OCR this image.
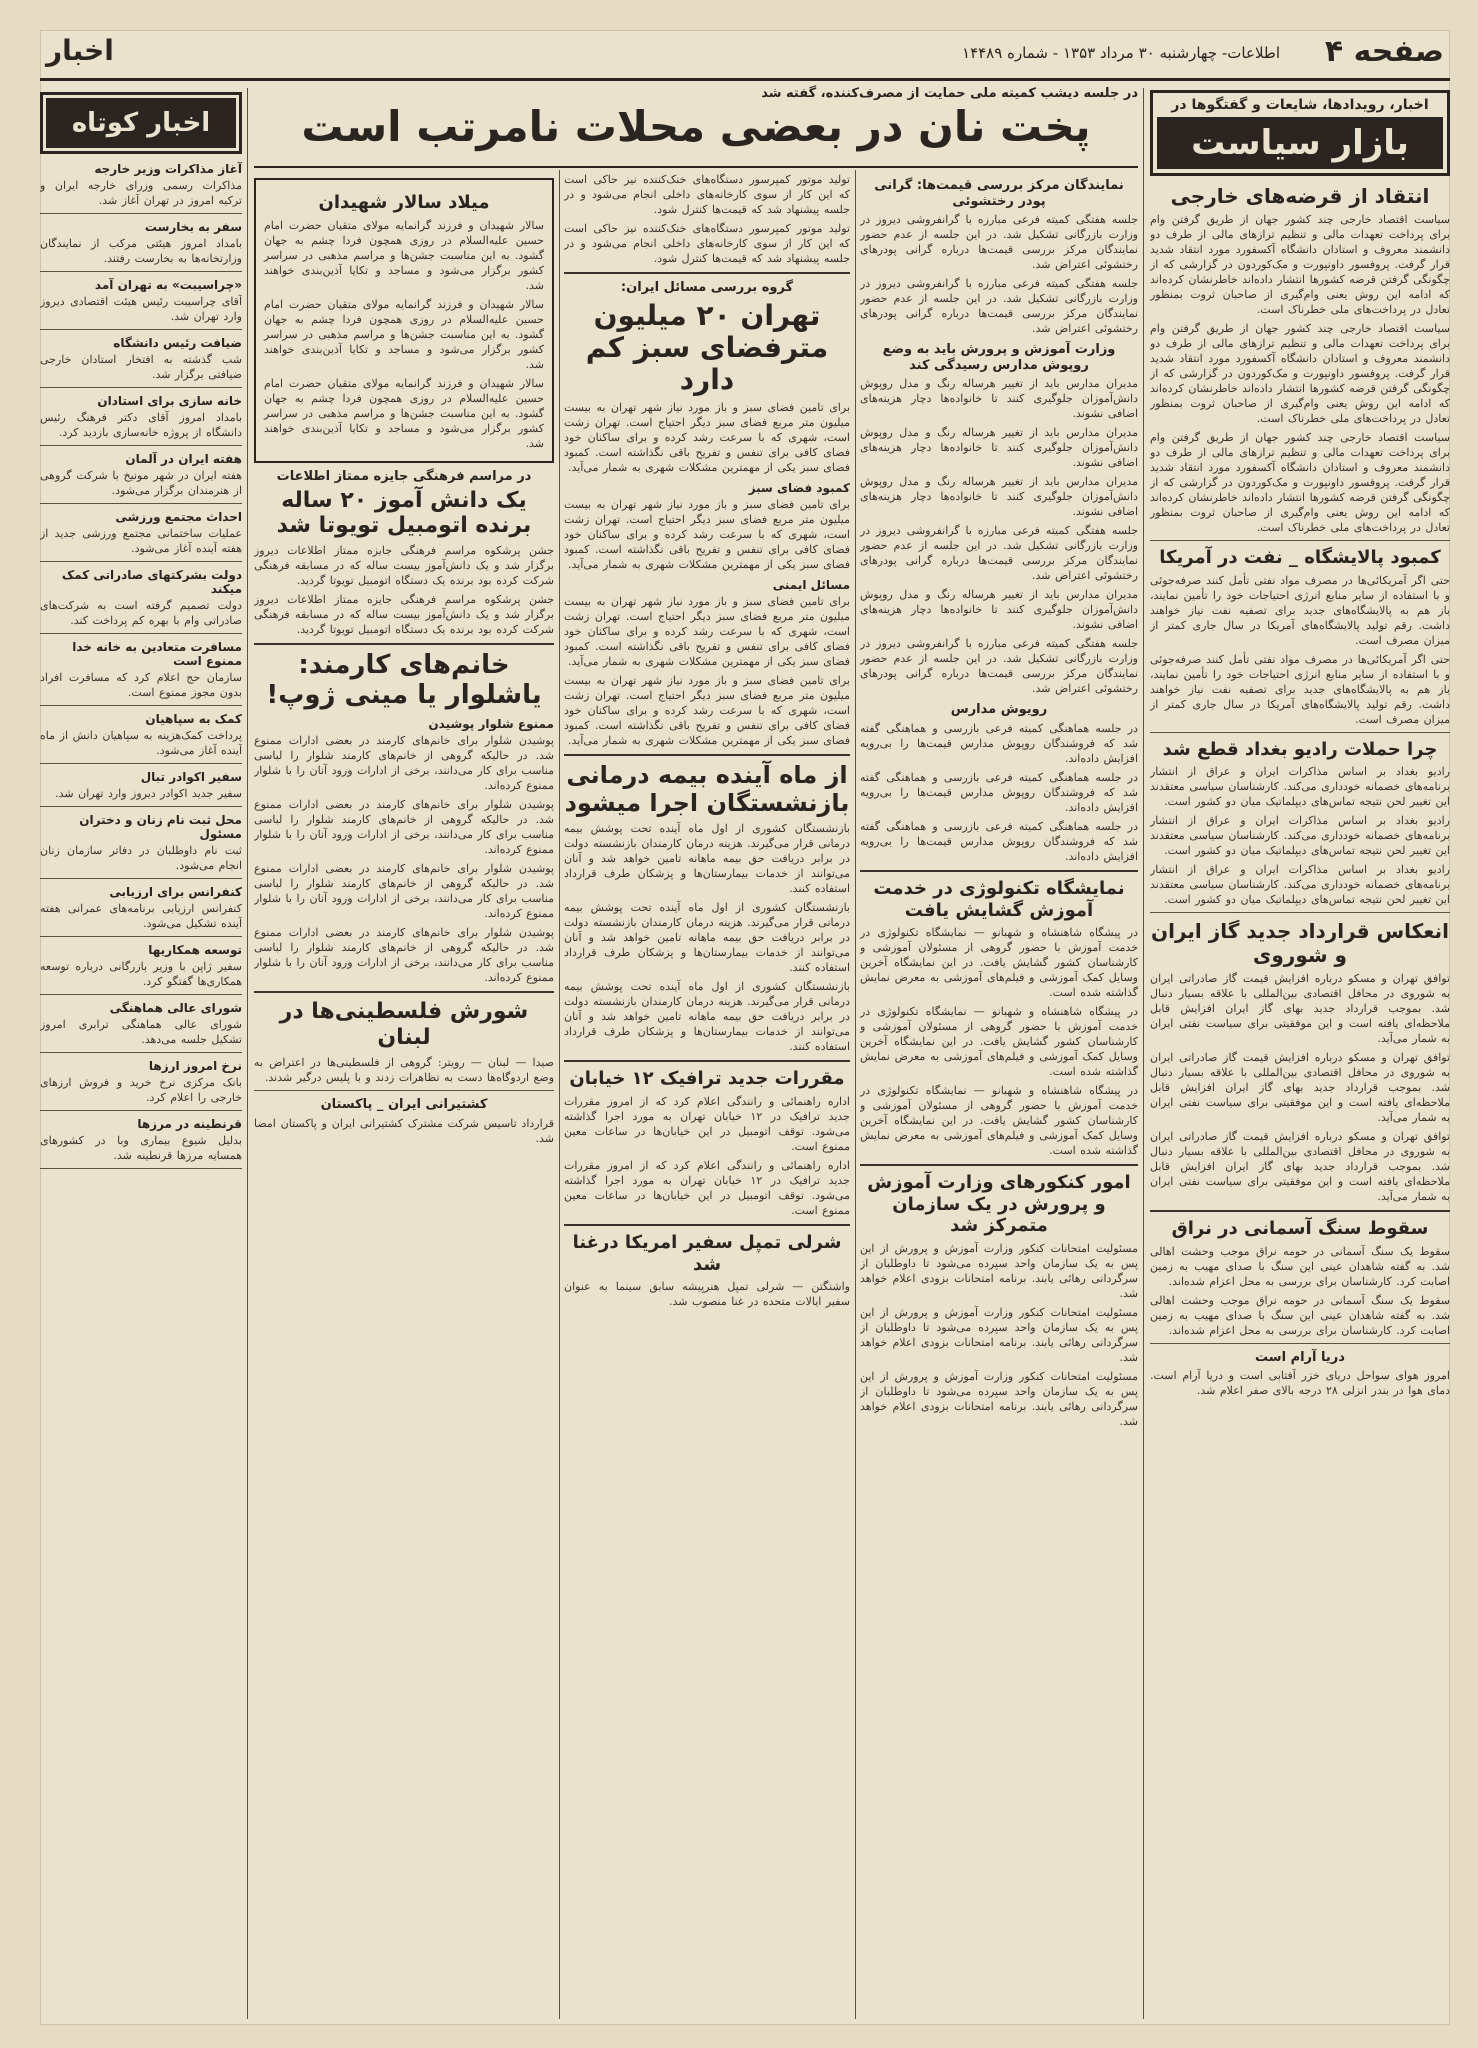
صفحه ۴
اطلاعات- چهارشنبه ۳۰ مرداد ۱۳۵۳ - شماره ۱۴۴۸۹
اخبار
در جلسه دیشب کمیته ملی حمایت از مصرف‌کننده، گفته شد
پخت نان در بعضی محلات نامرتب است	اخبار، رویدادها، شایعات و گفتگوها در
بازار سیاست
انتقاد از قرضه‌های خارجی

سیاست اقتصاد خارجی چند کشور جهان از طریق گرفتن وام برای پرداخت تعهدات مالی و تنظیم ترازهای مالی از طرف دو دانشمند معروف و استادان دانشگاه آکسفورد مورد انتقاد شدید قرار گرفت. پروفسور داونپورت و مک‌کوردون در گزارشی که از چگونگی گرفتن قرضه کشورها انتشار داده‌اند خاطرنشان کرده‌اند که ادامه این روش یعنی وام‌گیری از صاحبان ثروت بمنظور تعادل در پرداخت‌های ملی خطرناک است.

سیاست اقتصاد خارجی چند کشور جهان از طریق گرفتن وام برای پرداخت تعهدات مالی و تنظیم ترازهای مالی از طرف دو دانشمند معروف و استادان دانشگاه آکسفورد مورد انتقاد شدید قرار گرفت. پروفسور داونپورت و مک‌کوردون در گزارشی که از چگونگی گرفتن قرضه کشورها انتشار داده‌اند خاطرنشان کرده‌اند که ادامه این روش یعنی وام‌گیری از صاحبان ثروت بمنظور تعادل در پرداخت‌های ملی خطرناک است.

سیاست اقتصاد خارجی چند کشور جهان از طریق گرفتن وام برای پرداخت تعهدات مالی و تنظیم ترازهای مالی از طرف دو دانشمند معروف و استادان دانشگاه آکسفورد مورد انتقاد شدید قرار گرفت. پروفسور داونپورت و مک‌کوردون در گزارشی که از چگونگی گرفتن قرضه کشورها انتشار داده‌اند خاطرنشان کرده‌اند که ادامه این روش یعنی وام‌گیری از صاحبان ثروت بمنظور تعادل در پرداخت‌های ملی خطرناک است.

کمبود پالایشگاه _ نفت در آمریکا

حتی اگر آمریکائی‌ها در مصرف مواد نفتی تأمل کنند صرفه‌جوئی و با استفاده از سایر منابع انرژی احتیاجات خود را تأمین نمایند، باز هم به پالایشگاه‌های جدید برای تصفیه نفت نیاز خواهند داشت. رقم تولید پالایشگاه‌های آمریکا در سال جاری کمتر از میزان مصرف است.

حتی اگر آمریکائی‌ها در مصرف مواد نفتی تأمل کنند صرفه‌جوئی و با استفاده از سایر منابع انرژی احتیاجات خود را تأمین نمایند، باز هم به پالایشگاه‌های جدید برای تصفیه نفت نیاز خواهند داشت. رقم تولید پالایشگاه‌های آمریکا در سال جاری کمتر از میزان مصرف است.

چرا حملات رادیو بغداد قطع شد

رادیو بغداد بر اساس مذاکرات ایران و عراق از انتشار برنامه‌های خصمانه خودداری می‌کند. کارشناسان سیاسی معتقدند این تغییر لحن نتیجه تماس‌های دیپلماتیک میان دو کشور است.

رادیو بغداد بر اساس مذاکرات ایران و عراق از انتشار برنامه‌های خصمانه خودداری می‌کند. کارشناسان سیاسی معتقدند این تغییر لحن نتیجه تماس‌های دیپلماتیک میان دو کشور است.

رادیو بغداد بر اساس مذاکرات ایران و عراق از انتشار برنامه‌های خصمانه خودداری می‌کند. کارشناسان سیاسی معتقدند این تغییر لحن نتیجه تماس‌های دیپلماتیک میان دو کشور است.

انعکاس قرارداد جدید گاز ایران و شوروی

توافق تهران و مسکو درباره افزایش قیمت گاز صادراتی ایران به شوروی در محافل اقتصادی بین‌المللی با علاقه بسیار دنبال شد. بموجب قرارداد جدید بهای گاز ایران افزایش قابل ملاحظه‌ای یافته است و این موفقیتی برای سیاست نفتی ایران به شمار می‌آید.

توافق تهران و مسکو درباره افزایش قیمت گاز صادراتی ایران به شوروی در محافل اقتصادی بین‌المللی با علاقه بسیار دنبال شد. بموجب قرارداد جدید بهای گاز ایران افزایش قابل ملاحظه‌ای یافته است و این موفقیتی برای سیاست نفتی ایران به شمار می‌آید.

توافق تهران و مسکو درباره افزایش قیمت گاز صادراتی ایران به شوروی در محافل اقتصادی بین‌المللی با علاقه بسیار دنبال شد. بموجب قرارداد جدید بهای گاز ایران افزایش قابل ملاحظه‌ای یافته است و این موفقیتی برای سیاست نفتی ایران به شمار می‌آید.

سقوط سنگ آسمانی در نراق

سقوط یک سنگ آسمانی در حومه نراق موجب وحشت اهالی شد. به گفته شاهدان عینی این سنگ با صدای مهیب به زمین اصابت کرد. کارشناسان برای بررسی به محل اعزام شده‌اند.

سقوط یک سنگ آسمانی در حومه نراق موجب وحشت اهالی شد. به گفته شاهدان عینی این سنگ با صدای مهیب به زمین اصابت کرد. کارشناسان برای بررسی به محل اعزام شده‌اند.

دریا آرام است

امروز هوای سواحل دریای خزر آفتابی است و دریا آرام است. دمای هوا در بندر انزلی ۲۸ درجه بالای صفر اعلام شد.

نمایندگان مرکز بررسی قیمت‌ها: گرانی پودر رختشوئی

جلسه هفتگی کمیته فرعی مبارزه با گرانفروشی دیروز در وزارت بازرگانی تشکیل شد. در این جلسه از عدم حضور نمایندگان مرکز بررسی قیمت‌ها درباره گرانی پودرهای رختشوئی اعتراض شد.

جلسه هفتگی کمیته فرعی مبارزه با گرانفروشی دیروز در وزارت بازرگانی تشکیل شد. در این جلسه از عدم حضور نمایندگان مرکز بررسی قیمت‌ها درباره گرانی پودرهای رختشوئی اعتراض شد.

وزارت آموزش و پرورش باید به وضع روپوش مدارس رسیدگی کند

مدیران مدارس باید از تغییر هرساله رنگ و مدل روپوش دانش‌آموزان جلوگیری کنند تا خانواده‌ها دچار هزینه‌های اضافی نشوند.

مدیران مدارس باید از تغییر هرساله رنگ و مدل روپوش دانش‌آموزان جلوگیری کنند تا خانواده‌ها دچار هزینه‌های اضافی نشوند.

مدیران مدارس باید از تغییر هرساله رنگ و مدل روپوش دانش‌آموزان جلوگیری کنند تا خانواده‌ها دچار هزینه‌های اضافی نشوند.

جلسه هفتگی کمیته فرعی مبارزه با گرانفروشی دیروز در وزارت بازرگانی تشکیل شد. در این جلسه از عدم حضور نمایندگان مرکز بررسی قیمت‌ها درباره گرانی پودرهای رختشوئی اعتراض شد.

مدیران مدارس باید از تغییر هرساله رنگ و مدل روپوش دانش‌آموزان جلوگیری کنند تا خانواده‌ها دچار هزینه‌های اضافی نشوند.

جلسه هفتگی کمیته فرعی مبارزه با گرانفروشی دیروز در وزارت بازرگانی تشکیل شد. در این جلسه از عدم حضور نمایندگان مرکز بررسی قیمت‌ها درباره گرانی پودرهای رختشوئی اعتراض شد.

رویوش مدارس

در جلسه هماهنگی کمیته فرعی بازرسی و هماهنگی گفته شد که فروشندگان روپوش مدارس قیمت‌ها را بی‌رویه افزایش داده‌اند.

در جلسه هماهنگی کمیته فرعی بازرسی و هماهنگی گفته شد که فروشندگان روپوش مدارس قیمت‌ها را بی‌رویه افزایش داده‌اند.

در جلسه هماهنگی کمیته فرعی بازرسی و هماهنگی گفته شد که فروشندگان روپوش مدارس قیمت‌ها را بی‌رویه افزایش داده‌اند.

نمایشگاه تکنولوژی در خدمت آموزش گشایش یافت

در پیشگاه شاهنشاه و شهبانو — نمایشگاه تکنولوژی در خدمت آموزش با حضور گروهی از مسئولان آموزشی و کارشناسان کشور گشایش یافت. در این نمایشگاه آخرین وسایل کمک آموزشی و فیلم‌های آموزشی به معرض نمایش گذاشته شده است.

در پیشگاه شاهنشاه و شهبانو — نمایشگاه تکنولوژی در خدمت آموزش با حضور گروهی از مسئولان آموزشی و کارشناسان کشور گشایش یافت. در این نمایشگاه آخرین وسایل کمک آموزشی و فیلم‌های آموزشی به معرض نمایش گذاشته شده است.

در پیشگاه شاهنشاه و شهبانو — نمایشگاه تکنولوژی در خدمت آموزش با حضور گروهی از مسئولان آموزشی و کارشناسان کشور گشایش یافت. در این نمایشگاه آخرین وسایل کمک آموزشی و فیلم‌های آموزشی به معرض نمایش گذاشته شده است.

امور کنکورهای وزارت آموزش و پرورش در یک سازمان متمرکز شد

مسئولیت امتحانات کنکور وزارت آموزش و پرورش از این پس به یک سازمان واحد سپرده می‌شود تا داوطلبان از سرگردانی رهائی یابند. برنامه امتحانات بزودی اعلام خواهد شد.

مسئولیت امتحانات کنکور وزارت آموزش و پرورش از این پس به یک سازمان واحد سپرده می‌شود تا داوطلبان از سرگردانی رهائی یابند. برنامه امتحانات بزودی اعلام خواهد شد.

مسئولیت امتحانات کنکور وزارت آموزش و پرورش از این پس به یک سازمان واحد سپرده می‌شود تا داوطلبان از سرگردانی رهائی یابند. برنامه امتحانات بزودی اعلام خواهد شد.

تولید موتور کمپرسور دستگاه‌های خنک‌کننده نیز حاکی است که این کار از سوی کارخانه‌های داخلی انجام می‌شود و در جلسه پیشنهاد شد که قیمت‌ها کنترل شود.

تولید موتور کمپرسور دستگاه‌های خنک‌کننده نیز حاکی است که این کار از سوی کارخانه‌های داخلی انجام می‌شود و در جلسه پیشنهاد شد که قیمت‌ها کنترل شود.

گروه بررسی مسائل ایران:
تهران ۲۰ میلیون مترفضای سبز کم دارد

برای تامین فضای سبز و باز مورد نیاز شهر تهران به بیست میلیون متر مربع فضای سبز دیگر احتیاج است. تهران زشت است، شهری که با سرعت رشد کرده و برای ساکنان خود فضای کافی برای تنفس و تفریح باقی نگذاشته است. کمبود فضای سبز یکی از مهمترین مشکلات شهری به شمار می‌آید.

کمبود فضای سبز

برای تامین فضای سبز و باز مورد نیاز شهر تهران به بیست میلیون متر مربع فضای سبز دیگر احتیاج است. تهران زشت است، شهری که با سرعت رشد کرده و برای ساکنان خود فضای کافی برای تنفس و تفریح باقی نگذاشته است. کمبود فضای سبز یکی از مهمترین مشکلات شهری به شمار می‌آید.

مسائل ایمنی

برای تامین فضای سبز و باز مورد نیاز شهر تهران به بیست میلیون متر مربع فضای سبز دیگر احتیاج است. تهران زشت است، شهری که با سرعت رشد کرده و برای ساکنان خود فضای کافی برای تنفس و تفریح باقی نگذاشته است. کمبود فضای سبز یکی از مهمترین مشکلات شهری به شمار می‌آید.

برای تامین فضای سبز و باز مورد نیاز شهر تهران به بیست میلیون متر مربع فضای سبز دیگر احتیاج است. تهران زشت است، شهری که با سرعت رشد کرده و برای ساکنان خود فضای کافی برای تنفس و تفریح باقی نگذاشته است. کمبود فضای سبز یکی از مهمترین مشکلات شهری به شمار می‌آید.

از ماه آینده بیمه درمانی بازنشستگان اجرا میشود

بازنشستگان کشوری از اول ماه آینده تحت پوشش بیمه درمانی قرار می‌گیرند. هزینه درمان کارمندان بازنشسته دولت در برابر دریافت حق بیمه ماهانه تامین خواهد شد و آنان می‌توانند از خدمات بیمارستان‌ها و پزشکان طرف قرارداد استفاده کنند.

بازنشستگان کشوری از اول ماه آینده تحت پوشش بیمه درمانی قرار می‌گیرند. هزینه درمان کارمندان بازنشسته دولت در برابر دریافت حق بیمه ماهانه تامین خواهد شد و آنان می‌توانند از خدمات بیمارستان‌ها و پزشکان طرف قرارداد استفاده کنند.

بازنشستگان کشوری از اول ماه آینده تحت پوشش بیمه درمانی قرار می‌گیرند. هزینه درمان کارمندان بازنشسته دولت در برابر دریافت حق بیمه ماهانه تامین خواهد شد و آنان می‌توانند از خدمات بیمارستان‌ها و پزشکان طرف قرارداد استفاده کنند.

مقررات جدید ترافیک ۱۲ خیابان

اداره راهنمائی و رانندگی اعلام کرد که از امروز مقررات جدید ترافیک در ۱۲ خیابان تهران به مورد اجرا گذاشته می‌شود. توقف اتومبیل در این خیابان‌ها در ساعات معین ممنوع است.

اداره راهنمائی و رانندگی اعلام کرد که از امروز مقررات جدید ترافیک در ۱۲ خیابان تهران به مورد اجرا گذاشته می‌شود. توقف اتومبیل در این خیابان‌ها در ساعات معین ممنوع است.

شرلی تمپل سفیر امریکا درغنا شد

واشنگتن — شرلی تمپل هنرپیشه سابق سینما به عنوان سفیر ایالات متحده در غنا منصوب شد.

میلاد سالار شهیدان

سالار شهیدان و فرزند گرانمایه مولای متقیان حضرت امام حسین علیه‌السلام در روزی همچون فردا چشم به جهان گشود. به این مناسبت جشن‌ها و مراسم مذهبی در سراسر کشور برگزار می‌شود و مساجد و تکایا آذین‌بندی خواهند شد.

سالار شهیدان و فرزند گرانمایه مولای متقیان حضرت امام حسین علیه‌السلام در روزی همچون فردا چشم به جهان گشود. به این مناسبت جشن‌ها و مراسم مذهبی در سراسر کشور برگزار می‌شود و مساجد و تکایا آذین‌بندی خواهند شد.

سالار شهیدان و فرزند گرانمایه مولای متقیان حضرت امام حسین علیه‌السلام در روزی همچون فردا چشم به جهان گشود. به این مناسبت جشن‌ها و مراسم مذهبی در سراسر کشور برگزار می‌شود و مساجد و تکایا آذین‌بندی خواهند شد.

در مراسم فرهنگی جایزه ممتاز اطلاعات
یک دانش آموز ۲۰ ساله برنده اتومبیل تویوتا شد

جشن پرشکوه مراسم فرهنگی جایزه ممتاز اطلاعات دیروز برگزار شد و یک دانش‌آموز بیست ساله که در مسابقه فرهنگی شرکت کرده بود برنده یک دستگاه اتومبیل تویوتا گردید.

جشن پرشکوه مراسم فرهنگی جایزه ممتاز اطلاعات دیروز برگزار شد و یک دانش‌آموز بیست ساله که در مسابقه فرهنگی شرکت کرده بود برنده یک دستگاه اتومبیل تویوتا گردید.

خانم‌های کارمند: یاشلوار یا مینی ژوپ!
ممنوع شلوار پوشیدن

پوشیدن شلوار برای خانم‌های کارمند در بعضی ادارات ممنوع شد. در حالیکه گروهی از خانم‌های کارمند شلوار را لباسی مناسب برای کار می‌دانند، برخی از ادارات ورود آنان را با شلوار ممنوع کرده‌اند.

پوشیدن شلوار برای خانم‌های کارمند در بعضی ادارات ممنوع شد. در حالیکه گروهی از خانم‌های کارمند شلوار را لباسی مناسب برای کار می‌دانند، برخی از ادارات ورود آنان را با شلوار ممنوع کرده‌اند.

پوشیدن شلوار برای خانم‌های کارمند در بعضی ادارات ممنوع شد. در حالیکه گروهی از خانم‌های کارمند شلوار را لباسی مناسب برای کار می‌دانند، برخی از ادارات ورود آنان را با شلوار ممنوع کرده‌اند.

پوشیدن شلوار برای خانم‌های کارمند در بعضی ادارات ممنوع شد. در حالیکه گروهی از خانم‌های کارمند شلوار را لباسی مناسب برای کار می‌دانند، برخی از ادارات ورود آنان را با شلوار ممنوع کرده‌اند.

شورش فلسطینی‌ها در لبنان

صیدا — لبنان — رویتر: گروهی از فلسطینی‌ها در اعتراض به وضع اردوگاه‌ها دست به تظاهرات زدند و با پلیس درگیر شدند.

کشتیرانی ایران _ پاکستان

قرارداد تاسیس شرکت مشترک کشتیرانی ایران و پاکستان امضا شد.

اخبار کوتاه
آغاز مذاکرات وزیر خارجه

مذاکرات رسمی وزرای خارجه ایران و ترکیه امروز در تهران آغاز شد.

سفر به بخارست

بامداد امروز هیئتی مرکب از نمایندگان وزارتخانه‌ها به بخارست رفتند.

«چراسیبت» به تهران آمد

آقای چراسیبت رئیس هیئت اقتصادی دیروز وارد تهران شد.

ضیافت رئیس دانشگاه

شب گذشته به افتخار استادان خارجی ضیافتی برگزار شد.

خانه سازی برای استادان

بامداد امروز آقای دکتر فرهنگ رئیس دانشگاه از پروژه خانه‌سازی بازدید کرد.

هفته ایران در آلمان

هفته ایران در شهر مونیخ با شرکت گروهی از هنرمندان برگزار می‌شود.

احداث مجتمع ورزشی

عملیات ساختمانی مجتمع ورزشی جدید از هفته آینده آغاز می‌شود.

دولت بشرکتهای صادراتی کمک میکند

دولت تصمیم گرفته است به شرکت‌های صادراتی وام با بهره کم پرداخت کند.

مسافرت متعادین به خانه خدا ممنوع است

سازمان حج اعلام کرد که مسافرت افراد بدون مجوز ممنوع است.

کمک به سپاهیان

پرداخت کمک‌هزینه به سپاهیان دانش از ماه آینده آغاز می‌شود.

سفیر اکوادر تبال

سفیر جدید اکوادر دیروز وارد تهران شد.

محل ثبت نام زنان و دختران مسئول

ثبت نام داوطلبان در دفاتر سازمان زنان انجام می‌شود.

کنفرانس برای ارزیابی

کنفرانس ارزیابی برنامه‌های عمرانی هفته آینده تشکیل می‌شود.

توسعه همکاریها

سفیر ژاپن با وزیر بازرگانی درباره توسعه همکاری‌ها گفتگو کرد.

شورای عالی هماهنگی

شورای عالی هماهنگی ترابری امروز تشکیل جلسه می‌دهد.

نرخ امروز ارزها

بانک مرکزی نرخ خرید و فروش ارزهای خارجی را اعلام کرد.

قرنطینه در مرزها

بدلیل شیوع بیماری وبا در کشورهای همسایه مرزها قرنطینه شد.
